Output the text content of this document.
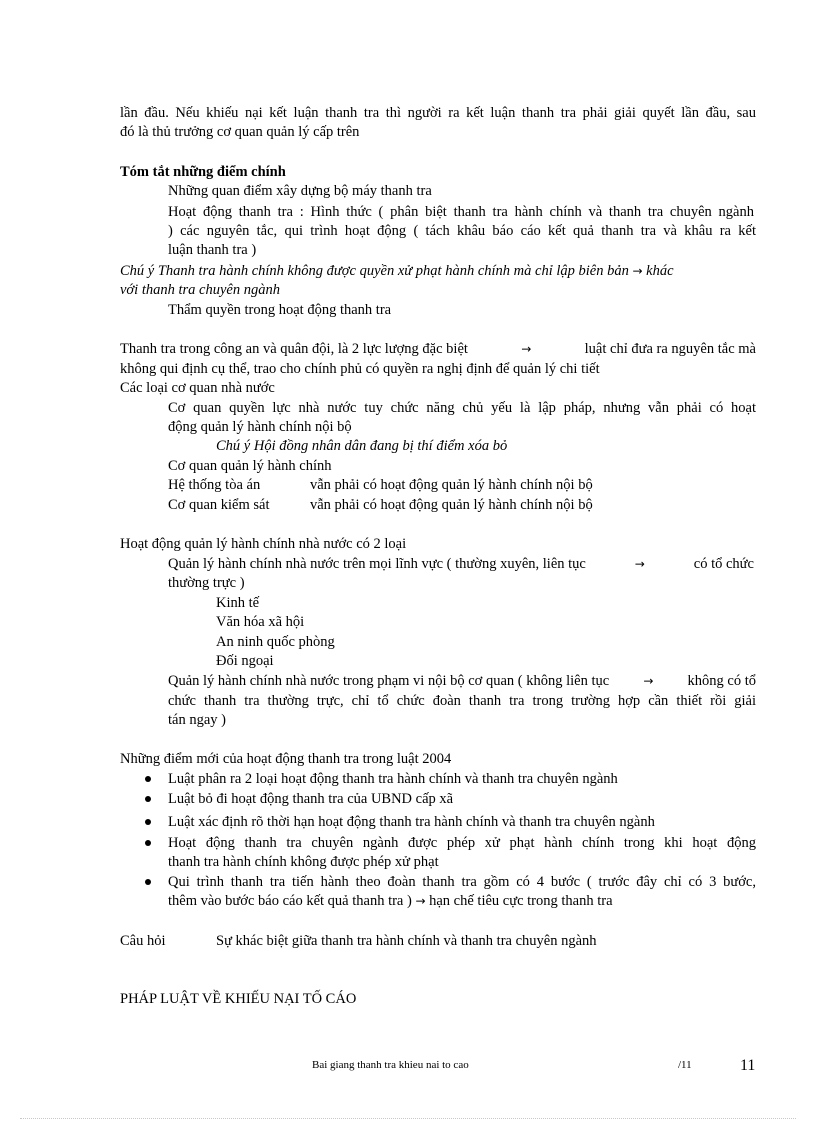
lần đầu. Nếu khiếu nại kết luận thanh tra thì người ra kết luận thanh tra phải giải quyết lần đầu, sau
đó là thủ trưởng cơ quan quản lý cấp trên
Tóm tắt những điểm chính
Những quan điểm xây dựng bộ máy thanh tra
Hoạt động thanh tra : Hình thức ( phân biệt thanh tra hành chính và thanh tra chuyên ngành
) các nguyên tắc, qui trình hoạt động ( tách khâu báo cáo kết quả thanh tra và khâu ra kết
luận thanh tra )
Chú ý Thanh tra hành chính không được quyền xử phạt hành chính mà chỉ lập biên bản → khác
với thanh tra chuyên ngành
Thẩm quyền trong hoạt động thanh tra
Thanh tra trong công an và quân đội, là 2 lực lượng đặc biệt	→	luật chỉ đưa ra nguyên tắc mà
không qui định cụ thể, trao cho chính phủ có quyền ra nghị định để quản lý chi tiết
Các loại cơ quan nhà nước
Cơ quan quyền lực nhà nước tuy chức năng chủ yếu là lập pháp, nhưng vẫn phải có hoạt
động quản lý hành chính nội bộ
Chú ý Hội đồng nhân dân đang bị thí điểm xóa bỏ
Cơ quan quản lý hành chính
Hệ thống tòa án	vẫn phải có hoạt động quản lý hành chính nội bộ
Cơ quan kiểm sát	vẫn phải có hoạt động quản lý hành chính nội bộ
Hoạt động quản lý hành chính nhà nước có 2 loại
Quản lý hành chính nhà nước trên mọi lĩnh vực ( thường xuyên, liên tục	→	có tổ chức
thường trực )
Kinh tế
Văn hóa xã hội
An ninh quốc phòng
Đối ngoại
Quản lý hành chính nhà nước trong phạm vi nội bộ cơ quan ( không liên tục	→ không có tổ
chức thanh tra thường trực, chỉ tổ chức đoàn thanh tra trong trường hợp cần thiết rồi giải
tán ngay )
Những điểm mới của hoạt động thanh tra trong luật 2004
Luật phân ra 2 loại hoạt động thanh tra hành chính và thanh tra chuyên ngành
Luật bỏ đi hoạt động thanh tra của UBND cấp xã
Luật xác định rõ thời hạn hoạt động thanh tra hành chính và thanh tra chuyên ngành
Hoạt động thanh tra chuyên ngành được phép xử phạt hành chính trong khi hoạt động
thanh tra hành chính không được phép xử phạt
Qui trình thanh tra tiến hành theo đoàn thanh tra gồm có 4 bước ( trước đây chỉ có 3 bước,
thêm vào bước báo cáo kết quả thanh tra ) → hạn chế tiêu cực trong thanh tra
Câu hỏi	Sự khác biệt giữa thanh tra hành chính và thanh tra chuyên ngành
PHÁP LUẬT VỀ KHIẾU NẠI TỐ CÁO
Bai giang thanh tra khieu nai to cao	/11	11
